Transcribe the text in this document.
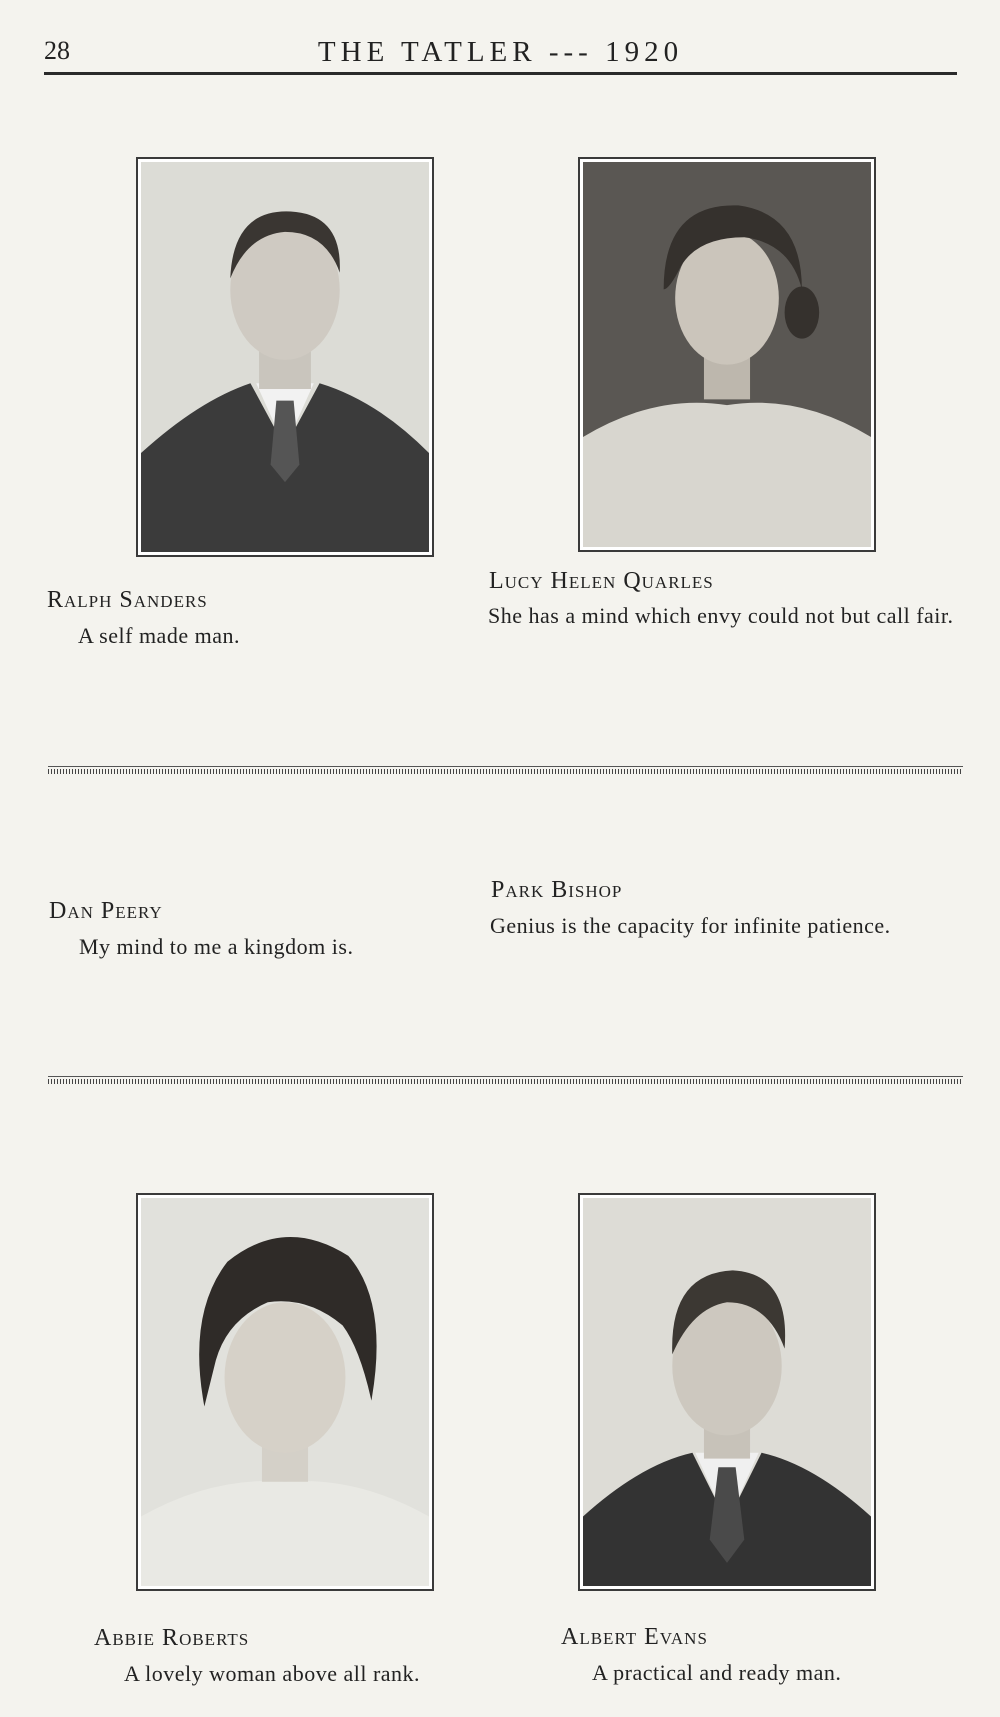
28	THE TATLER --- 1920
Ralph Sanders
A self made man.
Lucy Helen Quarles
She has a mind which envy could not but call fair.
Dan Peery
My mind to me a kingdom is.
Park Bishop
Genius is the capacity for infinite patience.
Abbie Roberts
A lovely woman above all rank.
Albert Evans
A practical and ready man.
